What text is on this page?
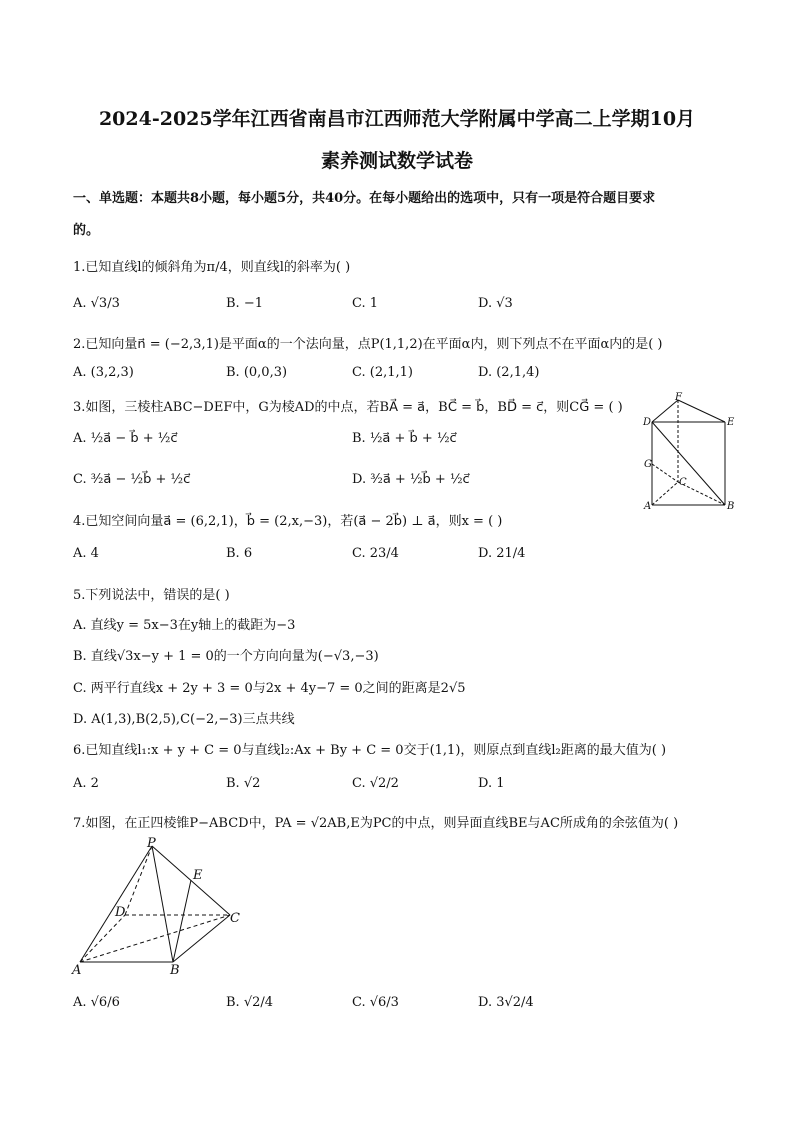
2024-2025学年江西省南昌市江西师范大学附属中学高二上学期10月
素养测试数学试卷
一、单选题：本题共8小题，每小题5分，共40分。在每小题给出的选项中，只有一项是符合题目要求
的。
1.已知直线l的倾斜角为π/4，则直线l的斜率为( )
A. √3/3	B. −1	C. 1	D. √3
2.已知向量n⃗ = (−2,3,1)是平面α的一个法向量，点P(1,1,2)在平面α内，则下列点不在平面α内的是( )
A. (3,2,3)	B. (0,0,3)	C. (2,1,1)	D. (2,1,4)
3.如图，三棱柱ABC−DEF中，G为棱AD的中点，若BA⃗ = a⃗，BC⃗ = b⃗，BD⃗ = c⃗，则CG⃗ = ( )
A. ½a⃗ − b⃗ + ½c⃗	B. ½a⃗ + b⃗ + ½c⃗
C. ³⁄₂a⃗ − ½b⃗ + ½c⃗	D. ³⁄₂a⃗ + ½b⃗ + ½c⃗
F
D	E
G
C
A	B
4.已知空间向量a⃗ = (6,2,1)，b⃗ = (2,x,−3)，若(a⃗ − 2b⃗) ⊥ a⃗，则x = ( )
A. 4	B. 6	C. 23/4	D. 21/4
5.下列说法中，错误的是( )
A. 直线y = 5x−3在y轴上的截距为−3
B. 直线√3x−y + 1 = 0的一个方向向量为(−√3,−3)
C. 两平行直线x + 2y + 3 = 0与2x + 4y−7 = 0之间的距离是2√5
D. A(1,3),B(2,5),C(−2,−3)三点共线
6.已知直线l₁:x + y + C = 0与直线l₂:Ax + By + C = 0交于(1,1)，则原点到直线l₂距离的最大值为( )
A. 2	B. √2	C. √2/2	D. 1
7.如图，在正四棱锥P−ABCD中，PA = √2AB,E为PC的中点，则异面直线BE与AC所成角的余弦值为( )
P
E
D	C
A	B
A. √6/6	B. √2/4	C. √6/3	D. 3√2/4
